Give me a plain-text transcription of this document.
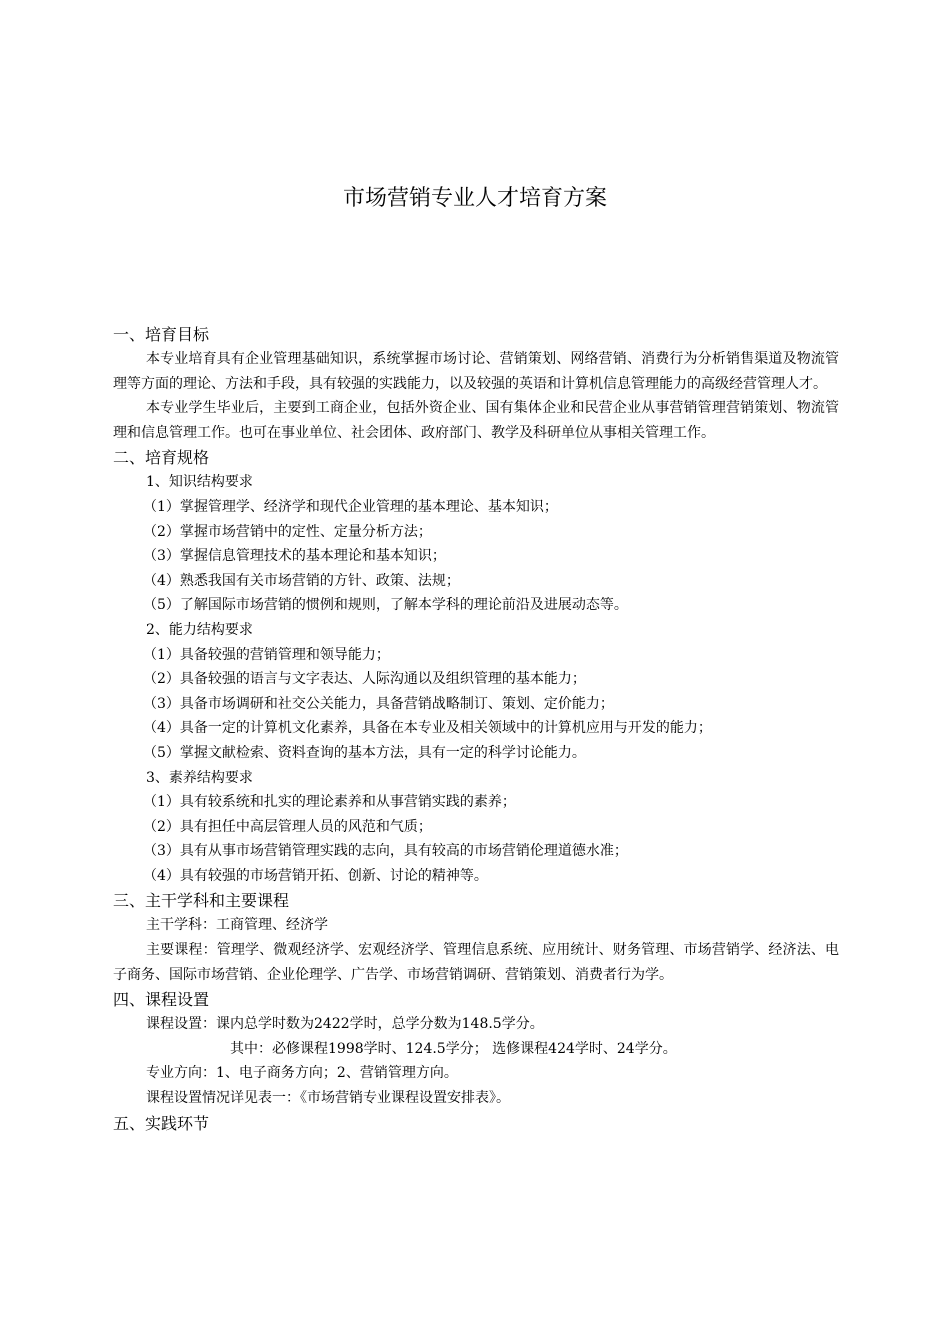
市场营销专业人才培育方案
一、培育目标
本专业培育具有企业管理基础知识，系统掌握市场讨论、营销策划、网络营销、消费行为分析销售渠道及物流管理等方面的理论、方法和手段，具有较强的实践能力，以及较强的英语和计算机信息管理能力的高级经营管理人才。
本专业学生毕业后，主要到工商企业，包括外资企业、国有集体企业和民营企业从事营销管理营销策划、物流管理和信息管理工作。也可在事业单位、社会团体、政府部门、教学及科研单位从事相关管理工作。
二、培育规格
1、知识结构要求
（1）掌握管理学、经济学和现代企业管理的基本理论、基本知识；
（2）掌握市场营销中的定性、定量分析方法；
（3）掌握信息管理技术的基本理论和基本知识；
（4）熟悉我国有关市场营销的方针、政策、法规；
（5）了解国际市场营销的惯例和规则，了解本学科的理论前沿及进展动态等。
2、能力结构要求
（1）具备较强的营销管理和领导能力；
（2）具备较强的语言与文字表达、人际沟通以及组织管理的基本能力；
（3）具备市场调研和社交公关能力，具备营销战略制订、策划、定价能力；
（4）具备一定的计算机文化素养，具备在本专业及相关领域中的计算机应用与开发的能力；
（5）掌握文献检索、资料查询的基本方法，具有一定的科学讨论能力。
3、素养结构要求
（1）具有较系统和扎实的理论素养和从事营销实践的素养；
（2）具有担任中高层管理人员的风范和气质；
（3）具有从事市场营销管理实践的志向，具有较高的市场营销伦理道德水准；
（4）具有较强的市场营销开拓、创新、讨论的精神等。
三、主干学科和主要课程
主干学科：工商管理、经济学
主要课程：管理学、微观经济学、宏观经济学、管理信息系统、应用统计、财务管理、市场营销学、经济法、电子商务、国际市场营销、企业伦理学、广告学、市场营销调研、营销策划、消费者行为学。
四、课程设置
课程设置：课内总学时数为2422学时，总学分数为148.5学分。
其中：必修课程1998学时、124.5学分； 选修课程424学时、24学分。
专业方向：1、电子商务方向；2、营销管理方向。
课程设置情况详见表一：《市场营销专业课程设置安排表》。
五、实践环节
